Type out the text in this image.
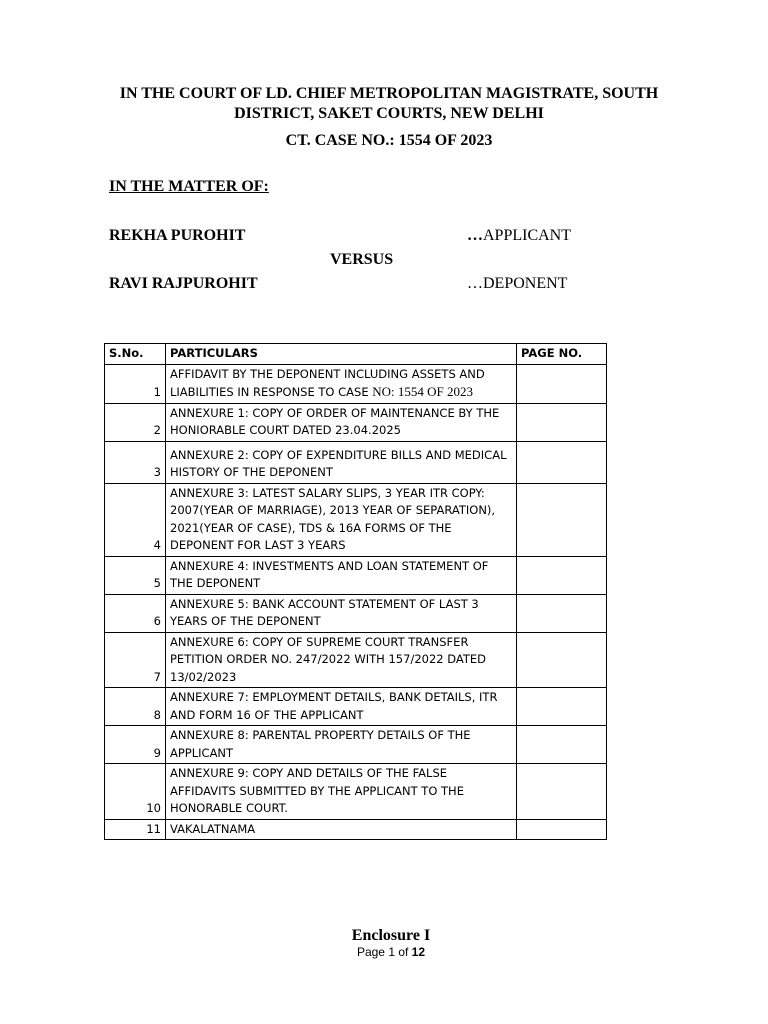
IN THE COURT OF LD. CHIEF METROPOLITAN MAGISTRATE, SOUTH DISTRICT, SAKET COURTS, NEW DELHI
CT. CASE NO.: 1554 OF 2023
IN THE MATTER OF:
REKHA PUROHIT	…APPLICANT
VERSUS
RAVI RAJPUROHIT	…DEPONENT
S.No.	PARTICULARS	PAGE NO.
1	AFFIDAVIT BY THE DEPONENT INCLUDING ASSETS AND LIABILITIES IN RESPONSE TO CASE NO: 1554 OF 2023	
2	ANNEXURE 1: COPY OF ORDER OF MAINTENANCE BY THE HONIORABLE COURT DATED 23.04.2025	
3	ANNEXURE 2: COPY OF EXPENDITURE BILLS AND MEDICAL HISTORY OF THE DEPONENT	
4	ANNEXURE 3: LATEST SALARY SLIPS, 3 YEAR ITR COPY: 2007(YEAR OF MARRIAGE), 2013 YEAR OF SEPARATION), 2021(YEAR OF CASE), TDS & 16A FORMS OF THE DEPONENT FOR LAST 3 YEARS	
5	ANNEXURE 4: INVESTMENTS AND LOAN STATEMENT OF THE DEPONENT	
6	ANNEXURE 5: BANK ACCOUNT STATEMENT OF LAST 3 YEARS OF THE DEPONENT	
7	ANNEXURE 6: COPY OF SUPREME COURT TRANSFER PETITION ORDER NO. 247/2022 WITH 157/2022 DATED 13/02/2023	
8	ANNEXURE 7: EMPLOYMENT DETAILS, BANK DETAILS, ITR AND FORM 16 OF THE APPLICANT	
9	ANNEXURE 8: PARENTAL PROPERTY DETAILS OF THE APPLICANT	
10	ANNEXURE 9: COPY AND DETAILS OF THE FALSE AFFIDAVITS SUBMITTED BY THE APPLICANT TO THE HONORABLE COURT.	
11	VAKALATNAMA	
Enclosure I
Page 1 of 12
